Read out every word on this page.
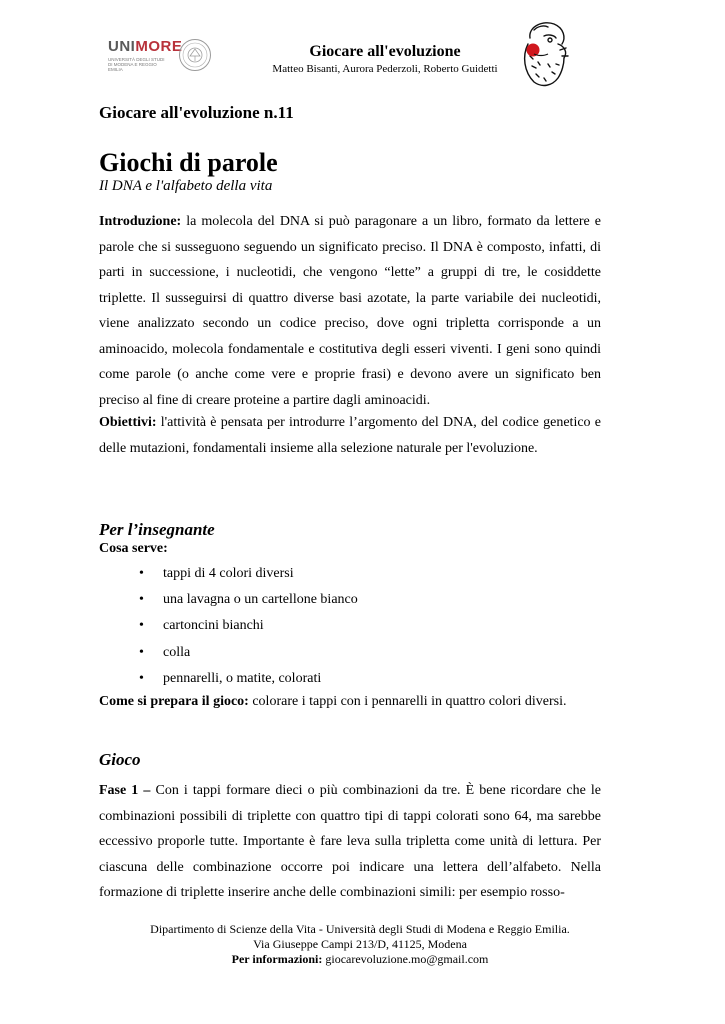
UNIMORE
UNIVERSITÀ DEGLI STUDI DI MODENA E REGGIO EMILIA
Giocare all'evoluzione
Matteo Bisanti, Aurora Pederzoli, Roberto Guidetti
Giocare all'evoluzione n.11
Giochi di parole
Il DNA e l'alfabeto della vita
Introduzione: la molecola del DNA si può paragonare a un libro, formato da lettere e parole che si susseguono seguendo un significato preciso. Il DNA è composto, infatti, di parti in successione, i nucleotidi, che vengono “lette” a gruppi di tre, le cosiddette triplette. Il susseguirsi di quattro diverse basi azotate, la parte variabile dei nucleotidi, viene analizzato secondo un codice preciso, dove ogni tripletta corrisponde a un aminoacido, molecola fondamentale e costitutiva degli esseri viventi. I geni sono quindi come parole (o anche come vere e proprie frasi) e devono avere un significato ben preciso al fine di creare proteine a partire dagli aminoacidi.
Obiettivi: l'attività è pensata per introdurre l’argomento del DNA, del codice genetico e delle mutazioni, fondamentali insieme alla selezione naturale per l'evoluzione.
Per l’insegnante
Cosa serve:
• tappi di 4 colori diversi
• una lavagna o un cartellone bianco
• cartoncini bianchi
• colla
• pennarelli, o matite, colorati
Come si prepara il gioco: colorare i tappi con i pennarelli in quattro colori diversi.
Gioco
Fase 1 – Con i tappi formare dieci o più combinazioni da tre. È bene ricordare che le combinazioni possibili di triplette con quattro tipi di tappi colorati sono 64, ma sarebbe eccessivo proporle tutte. Importante è fare leva sulla tripletta come unità di lettura. Per ciascuna delle combinazione occorre poi indicare una lettera dell’alfabeto. Nella formazione di triplette inserire anche delle combinazioni simili: per esempio rosso-
Dipartimento di Scienze della Vita - Università degli Studi di Modena e Reggio Emilia.
Via Giuseppe Campi 213/D, 41125, Modena
Per informazioni: giocarevoluzione.mo@gmail.com
